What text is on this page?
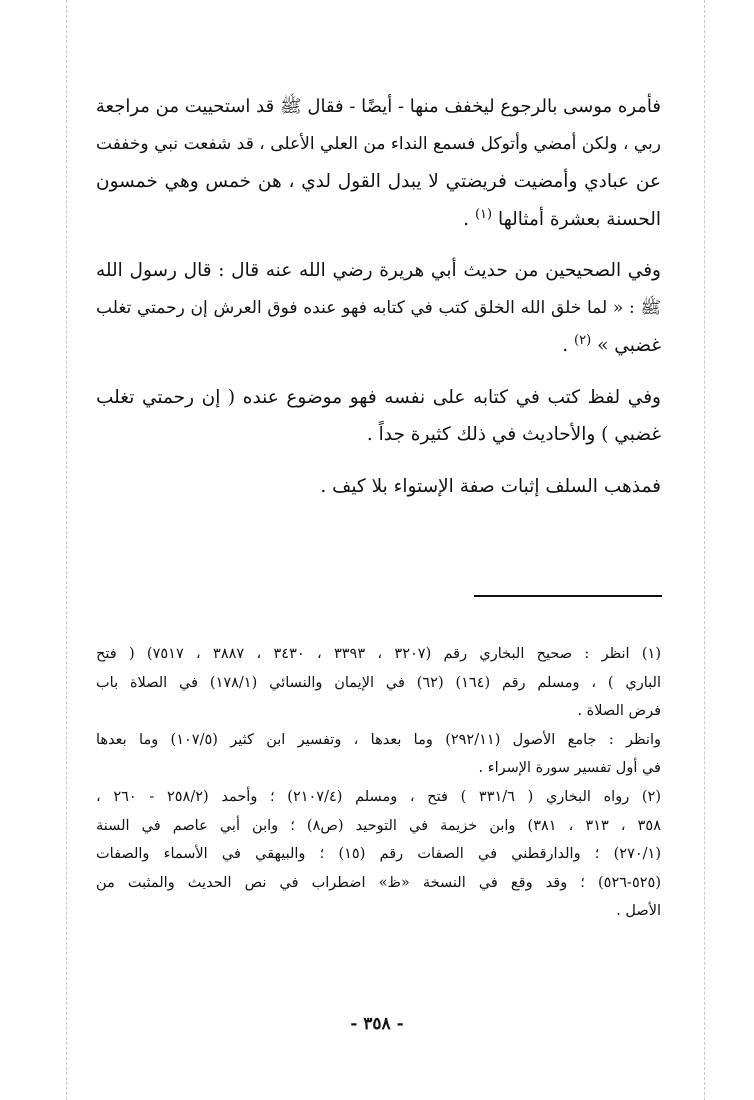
فأمره موسى بالرجوع ليخفف منها - أيضًا - فقال ﷺ قد استحييت من مراجعة
ربي ، ولكن أمضي وأتوكل فسمع النداء من العلي الأعلى ، قد شفعت نبي وخففت
عن عبادي وأمضيت فريضتي لا يبدل القول لدي ، هن خمس وهي خمسون
الحسنة بعشرة أمثالها $^{(١)}$ .

وفي الصحيحين من حديث أبي هريرة رضي الله عنه قال : قال رسول الله
ﷺ : « لما خلق الله الخلق كتب في كتابه فهو عنده فوق العرش إن رحمتي تغلب
غضبي » $^{(٢)}$ .

وفي لفظ كتب في كتابه على نفسه فهو موضوع عنده ( إن رحمتي تغلب
غضبي ) والأحاديث في ذلك كثيرة جداً .

فمذهب السلف إثبات صفة الإستواء بلا كيف .

(١) انظر : صحيح البخاري رقم (٣٢٠٧ ، ٣٣٩٣ ، ٣٤٣٠ ، ٣٨٨٧ ، ٧٥١٧) ( فتح
الباري ) ، ومسلم رقم (١٦٤) (٦٢) في الإيمان والنسائي (١٧٨/١) في الصلاة باب
فرض الصلاة .

وانظر : جامع الأصول (٢٩٢/١١) وما بعدها ، وتفسير ابن كثير (١٠٧/٥) وما بعدها
في أول تفسير سورة الإسراء .

(٢) رواه البخاري ( ٣٣١/٦ ) فتح ، ومسلم (٢١٠٧/٤) ؛ وأحمد (٢٥٨/٢ - ٢٦٠ ،
٣٥٨ ، ٣١٣ ، ٣٨١) وابن خزيمة في التوحيد (ص٨) ؛ وابن أبي عاصم في السنة
(٢٧٠/١) ؛ والدارقطني في الصفات رقم (١٥) ؛ والبيهقي في الأسماء والصفات
(٥٢٥-٥٢٦) ؛ وقد وقع في النسخة «ظ» اضطراب في نص الحديث والمثبت من
الأصل .

- ٣٥٨ -
